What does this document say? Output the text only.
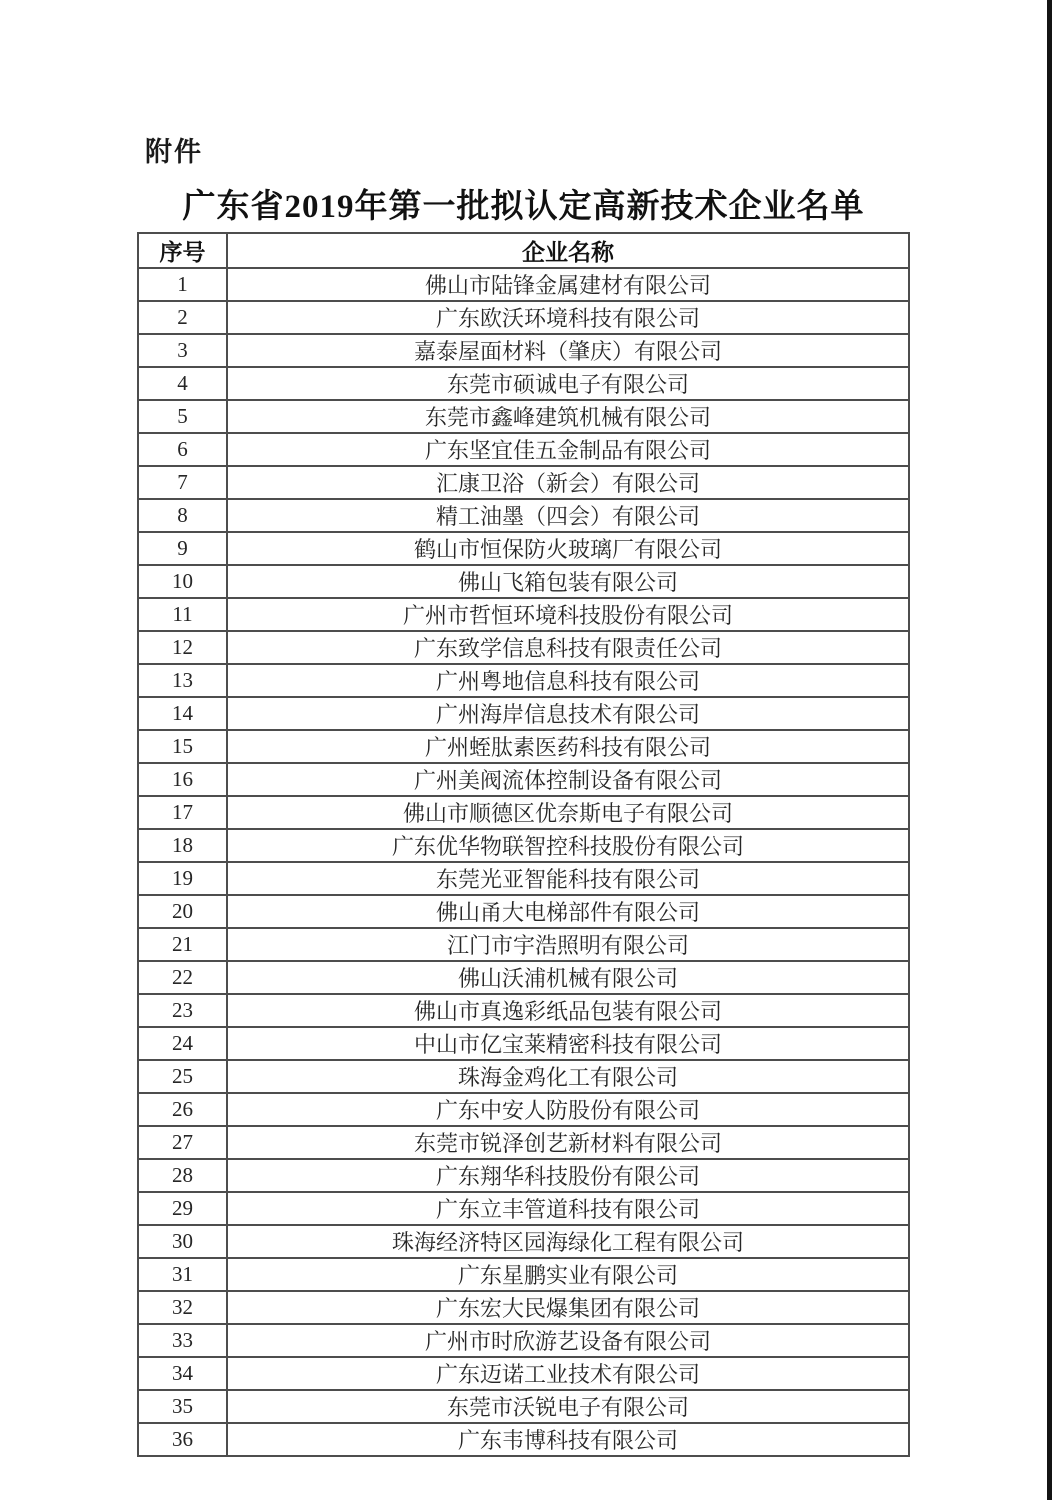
附件
广东省2019年第一批拟认定高新技术企业名单
序号	企业名称
1	佛山市陆锋金属建材有限公司
2	广东欧沃环境科技有限公司
3	嘉泰屋面材料（肇庆）有限公司
4	东莞市硕诚电子有限公司
5	东莞市鑫峰建筑机械有限公司
6	广东坚宜佳五金制品有限公司
7	汇康卫浴（新会）有限公司
8	精工油墨（四会）有限公司
9	鹤山市恒保防火玻璃厂有限公司
10	佛山飞箱包装有限公司
11	广州市哲恒环境科技股份有限公司
12	广东致学信息科技有限责任公司
13	广州粤地信息科技有限公司
14	广州海岸信息技术有限公司
15	广州蛭肽素医药科技有限公司
16	广州美阀流体控制设备有限公司
17	佛山市顺德区优奈斯电子有限公司
18	广东优华物联智控科技股份有限公司
19	东莞光亚智能科技有限公司
20	佛山甬大电梯部件有限公司
21	江门市宇浩照明有限公司
22	佛山沃浦机械有限公司
23	佛山市真逸彩纸品包装有限公司
24	中山市亿宝莱精密科技有限公司
25	珠海金鸡化工有限公司
26	广东中安人防股份有限公司
27	东莞市锐泽创艺新材料有限公司
28	广东翔华科技股份有限公司
29	广东立丰管道科技有限公司
30	珠海经济特区园海绿化工程有限公司
31	广东星鹏实业有限公司
32	广东宏大民爆集团有限公司
33	广州市时欣游艺设备有限公司
34	广东迈诺工业技术有限公司
35	东莞市沃锐电子有限公司
36	广东韦博科技有限公司
